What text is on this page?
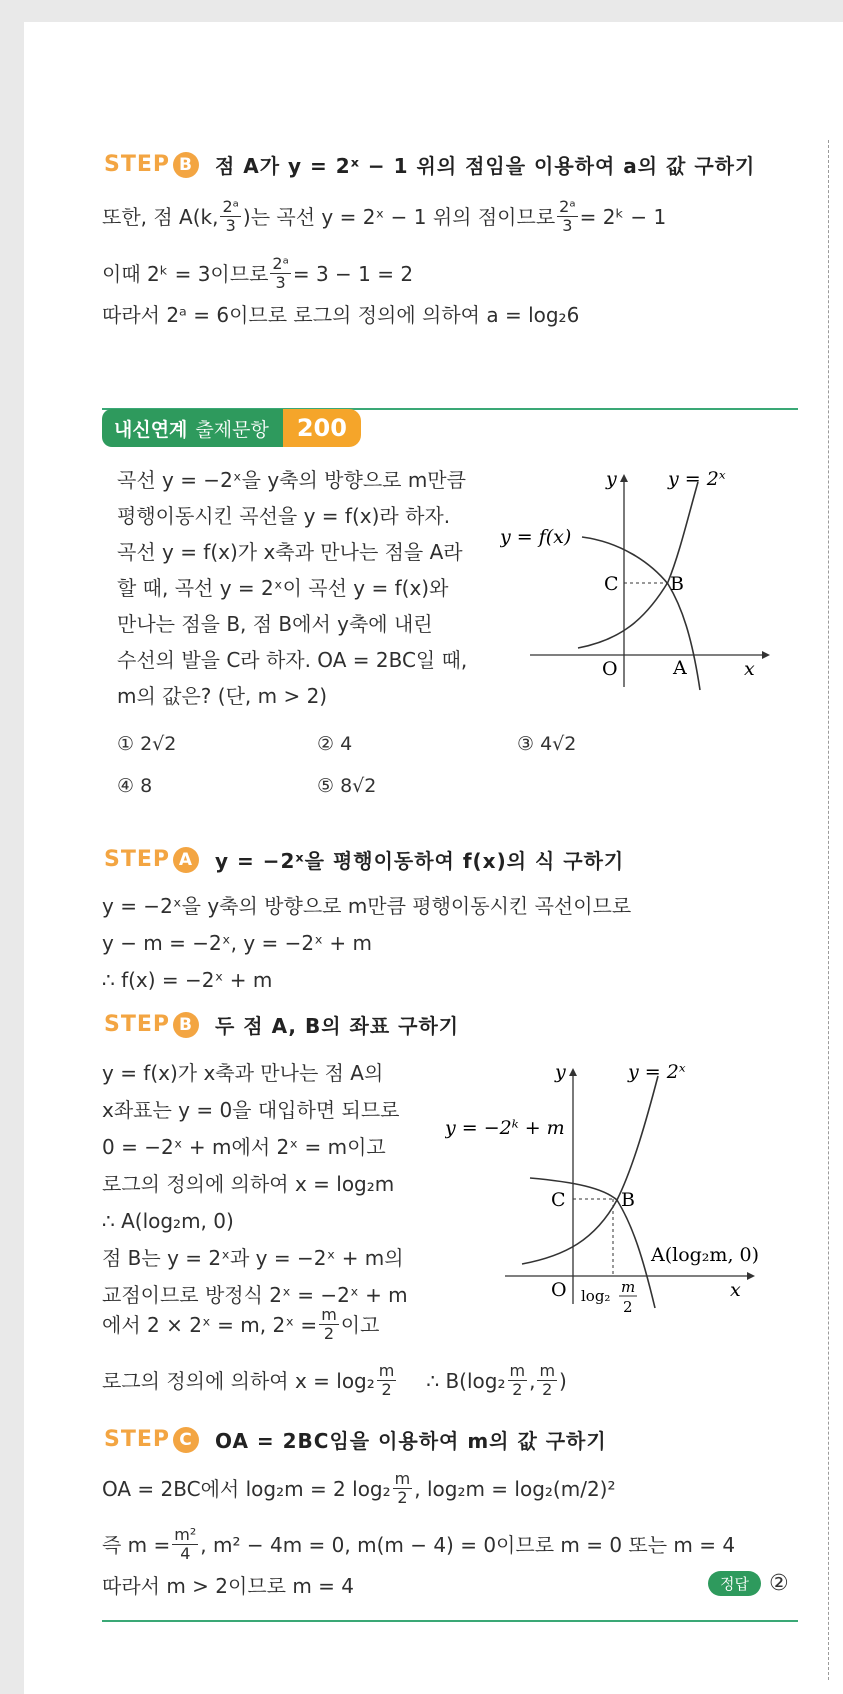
STEP B	점 A가 y = 2ˣ − 1 위의 점임을 이용하여 a의 값 구하기
또한, 점 A(k, $\frac{\text{2ᵃ}}{3}$ )는 곡선 y = 2ˣ − 1 위의 점이므로 $\frac{\text{2ᵃ}}{3}$ = 2ᵏ − 1
이때 2ᵏ = 3이므로 $\frac{\text{2ᵃ}}{3} = 3 - 1 = 2$
따라서 2ᵃ = 6이므로 로그의 정의에 의하여 a = log₂6
내신연계 출제문항	200
곡선 y = −2ˣ을 y축의 방향으로 m만큼
평행이동시킨 곡선을 y = f(x)라 하자.
곡선 y = f(x)가 x축과 만나는 점을 A라
할 때, 곡선 y = 2ˣ이 곡선 y = f(x)와
만나는 점을 B, 점 B에서 y축에 내린
수선의 발을 C라 하자. OA = 2BC일 때,
m의 값은? (단, m > 2)
y
x
O	A
B
C
y = 2ˣ
y = f(x)
① 2√2	② 4	③ 4√2
④ 8	⑤ 8√2
STEP A y = −2ˣ을 평행이동하여 f(x)의 식 구하기
y = −2ˣ을 y축의 방향으로 m만큼 평행이동시킨 곡선이므로
y − m = −2ˣ, y = −2ˣ + m
∴ f(x) = −2ˣ + m
STEP B	두 점 A, B의 좌표 구하기
y = f(x)가 x축과 만나는 점 A의
x좌표는 y = 0을 대입하면 되므로
0 = −2ˣ + m에서 2ˣ = m이고
로그의 정의에 의하여 x = log₂m
∴ A(log₂m, 0)
점 B는 y = 2ˣ과 y = −2ˣ + m의
교점이므로 방정식 2ˣ = −2ˣ + m
에서 2 × 2ˣ = m, 2ˣ = $\frac{m}{2}$ 이고
로그의 정의에 의하여 $x = \log_2 \frac{m}{2}$ ∴ $B(\log_2 \frac{m}{2}$ , $\frac{m}{2}$ )
y
x
O
B
C
A(log₂m, 0)
y = 2ˣ
y = −2ᵏ + m
log₂ m
2
STEP C	OA = 2BC임을 이용하여 m의 값 구하기
OA = 2BC에서 log₂m = 2 $\log_2 \frac{m}{2}$ , log₂m = log₂(m/2)²
즉 $m = \frac{\text{m²}}{4}$ , m² − 4m = 0, m(m − 4) = 0이므로 m = 0 또는 m = 4
따라서 m > 2이므로 m = 4	정답 ②
